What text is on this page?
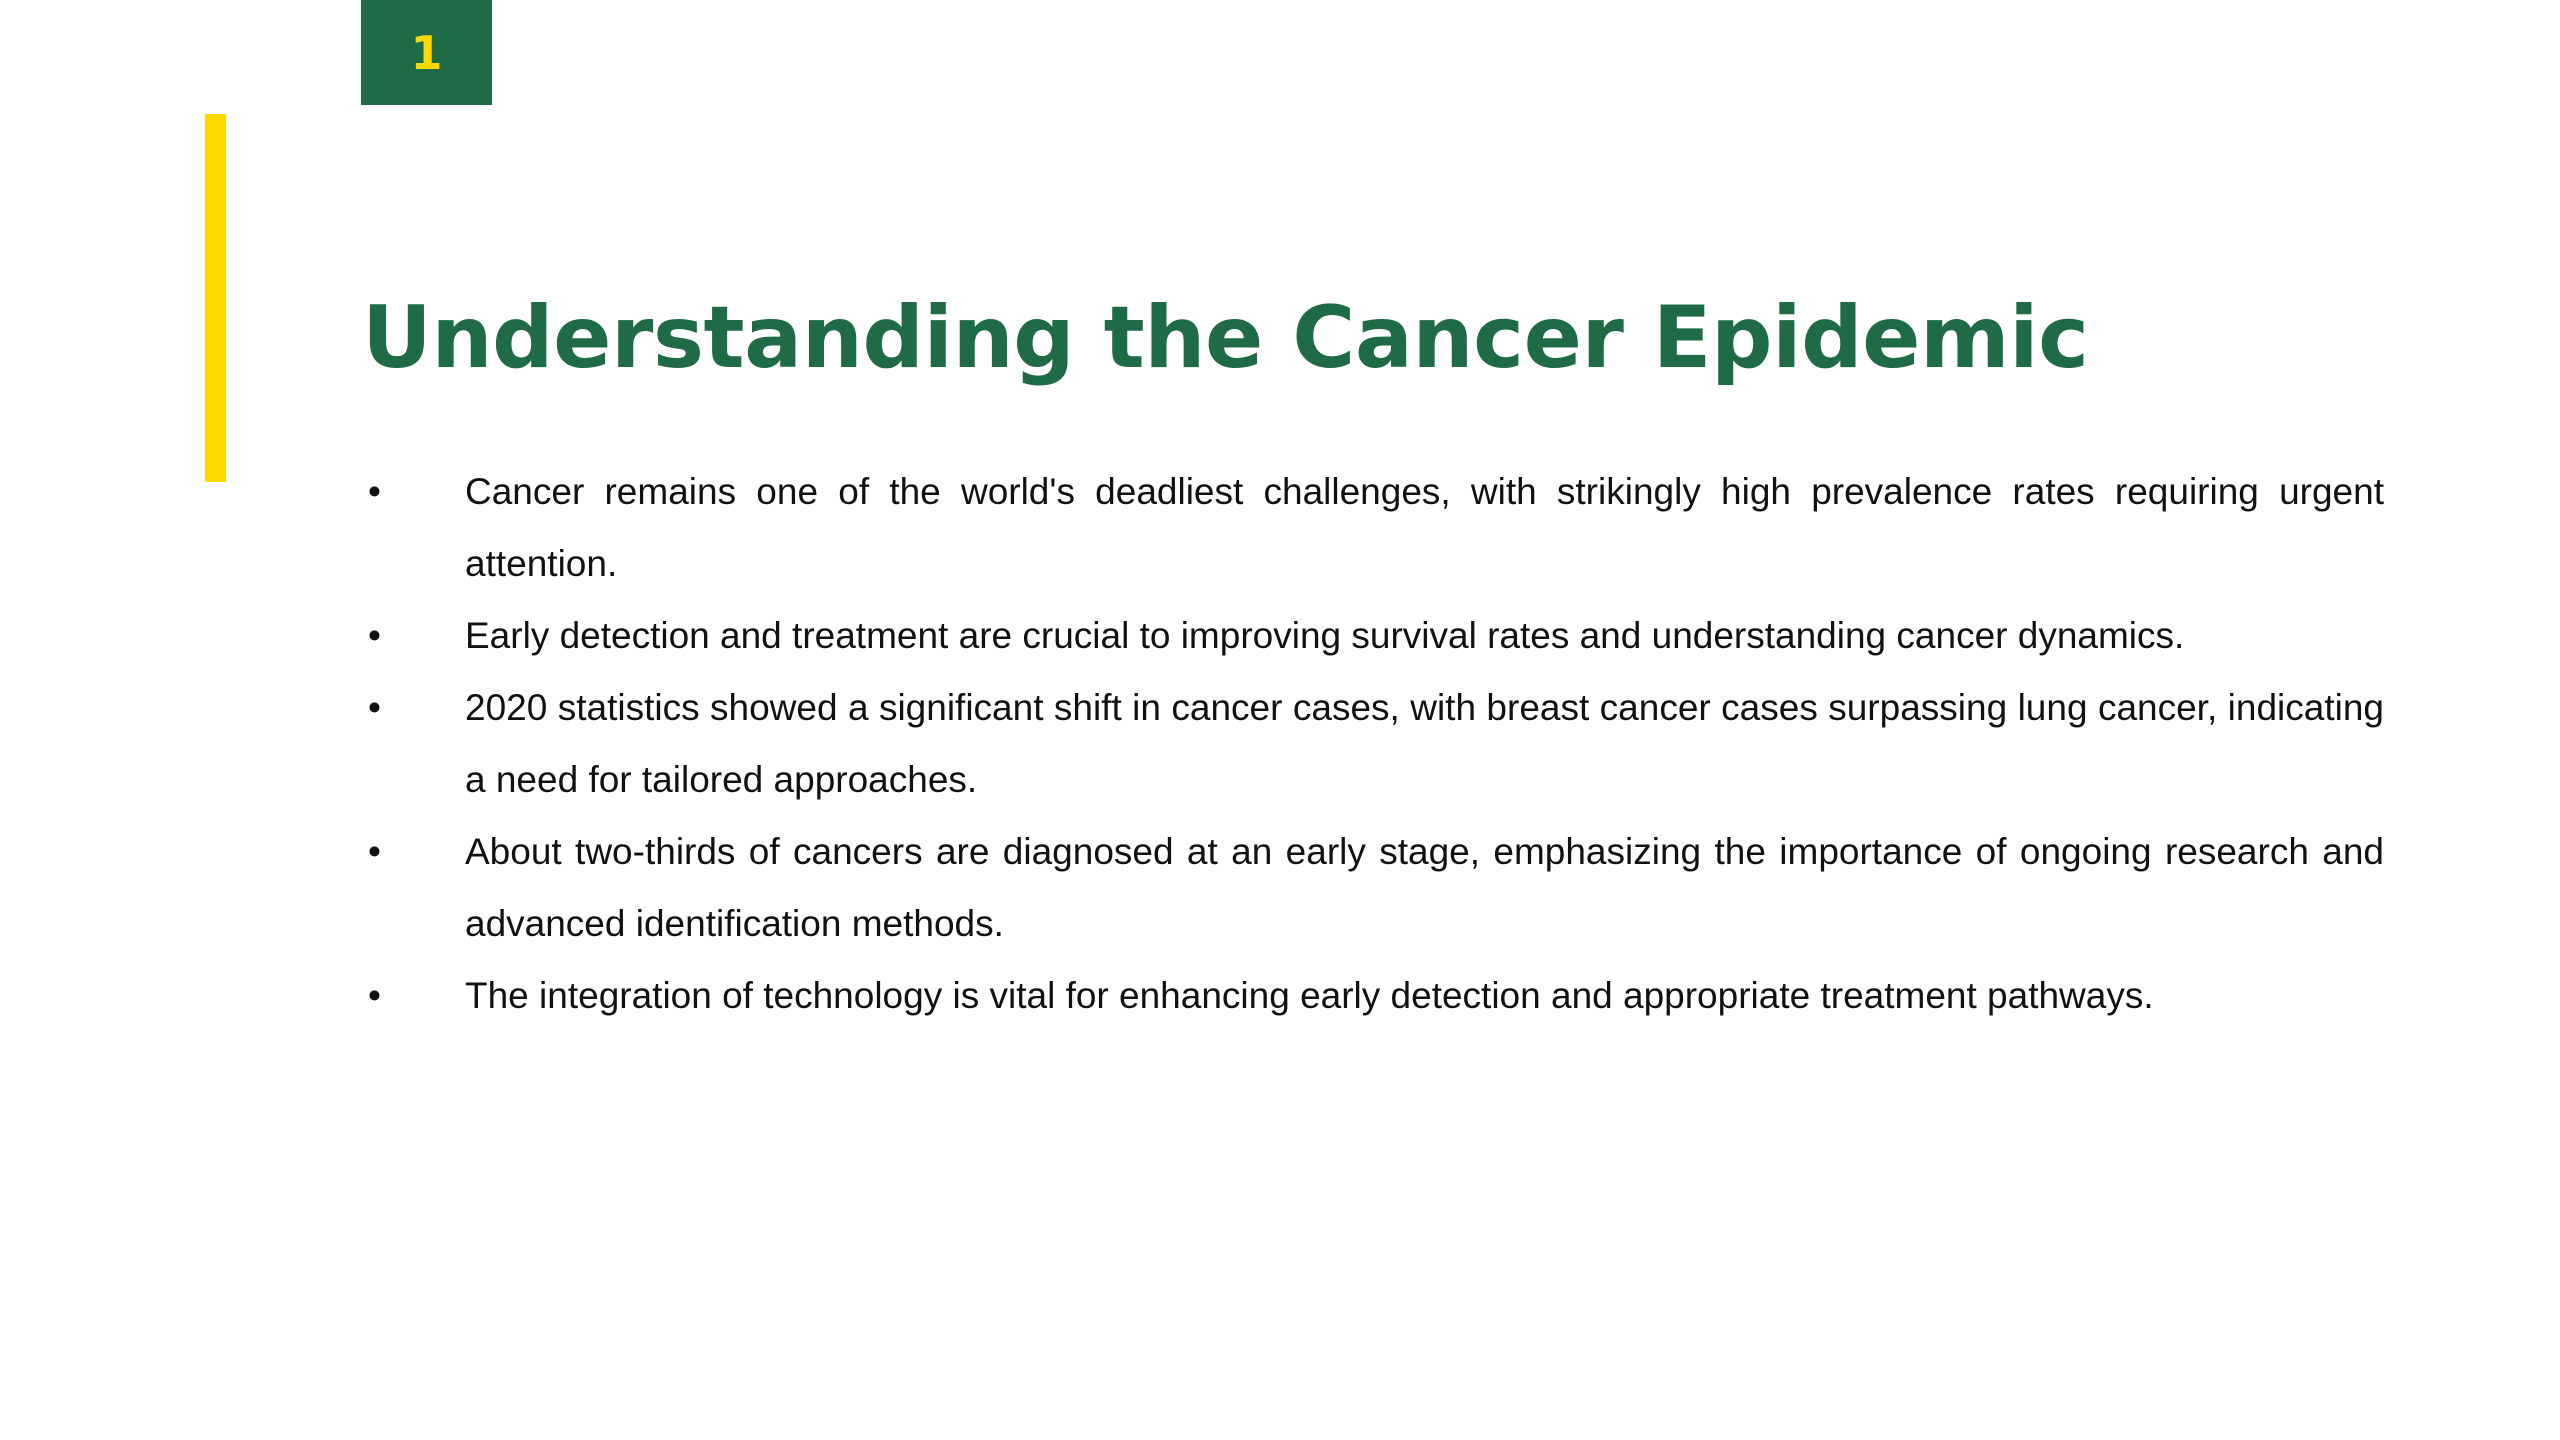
1
Understanding the Cancer Epidemic
• Cancer remains one of the world's deadliest challenges, with strikingly high prevalence rates requiring urgent attention.
• Early detection and treatment are crucial to improving survival rates and understanding cancer dynamics.
• 2020 statistics showed a significant shift in cancer cases, with breast cancer cases surpassing lung cancer, indicating a need for tailored approaches.
• About two-thirds of cancers are diagnosed at an early stage, emphasizing the importance of ongoing research and advanced identification methods.
• The integration of technology is vital for enhancing early detection and appropriate treatment pathways.
